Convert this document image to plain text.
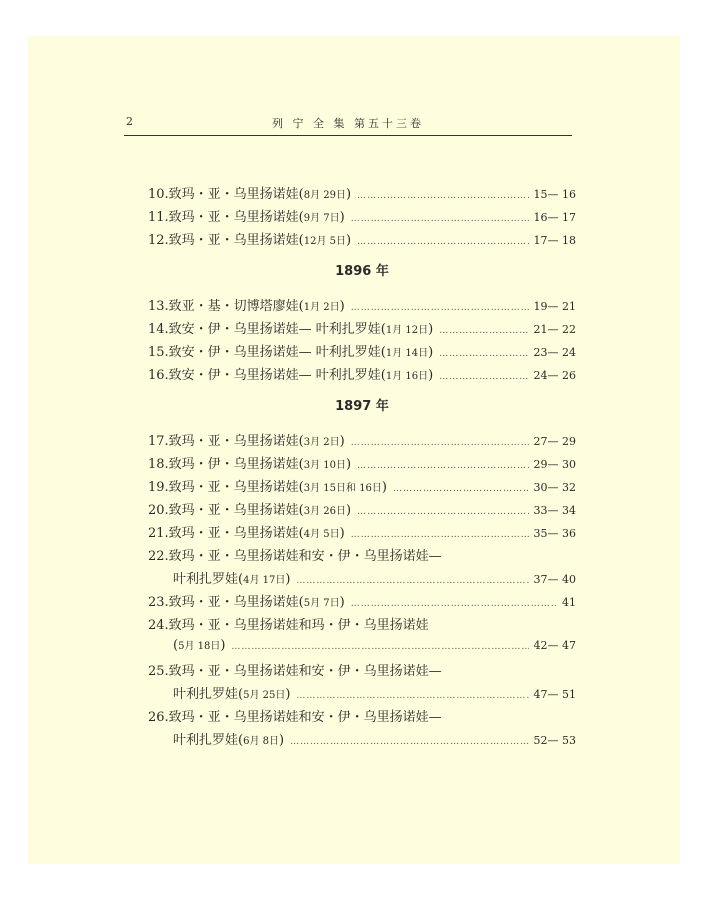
2	列 宁 全 集 第五十三卷
10.致玛・亚・乌里扬诺娃(8月 29日) …………………………………………………………………………………………………………………………	15— 16
11.致玛・亚・乌里扬诺娃(9月 7日) …………………………………………………………………………………………………………………………	16— 17
12.致玛・亚・乌里扬诺娃(12月 5日) …………………………………………………………………………………………………………………………	17— 18
1896 年
13.致亚・基・切博塔廖娃(1月 2日) …………………………………………………………………………………………………………………………	19— 21
14.致安・伊・乌里扬诺娃— 叶利扎罗娃(1月 12日) …………………………………………………………………………………………………………………………	21— 22
15.致安・伊・乌里扬诺娃— 叶利扎罗娃(1月 14日) …………………………………………………………………………………………………………………………	23— 24
16.致安・伊・乌里扬诺娃— 叶利扎罗娃(1月 16日) …………………………………………………………………………………………………………………………	24— 26
1897 年
17.致玛・亚・乌里扬诺娃(3月 2日) …………………………………………………………………………………………………………………………	27— 29
18.致玛・伊・乌里扬诺娃(3月 10日) …………………………………………………………………………………………………………………………	29— 30
19.致玛・亚・乌里扬诺娃(3月 15日和 16日) …………………………………………………………………………………………………………………………	30— 32
20.致玛・亚・乌里扬诺娃(3月 26日) …………………………………………………………………………………………………………………………	33— 34
21.致玛・亚・乌里扬诺娃(4月 5日) …………………………………………………………………………………………………………………………	35— 36
22.致玛・亚・乌里扬诺娃和安・伊・乌里扬诺娃—
叶利扎罗娃(4月 17日) …………………………………………………………………………………………………………………………	37— 40
23.致玛・亚・乌里扬诺娃(5月 7日) …………………………………………………………………………………………………………………………	41
24.致玛・亚・乌里扬诺娃和玛・伊・乌里扬诺娃
(5月 18日) …………………………………………………………………………………………………………………………	42— 47
25.致玛・亚・乌里扬诺娃和安・伊・乌里扬诺娃—
叶利扎罗娃(5月 25日) …………………………………………………………………………………………………………………………	47— 51
26.致玛・亚・乌里扬诺娃和安・伊・乌里扬诺娃—
叶利扎罗娃(6月 8日) …………………………………………………………………………………………………………………………	52— 53
